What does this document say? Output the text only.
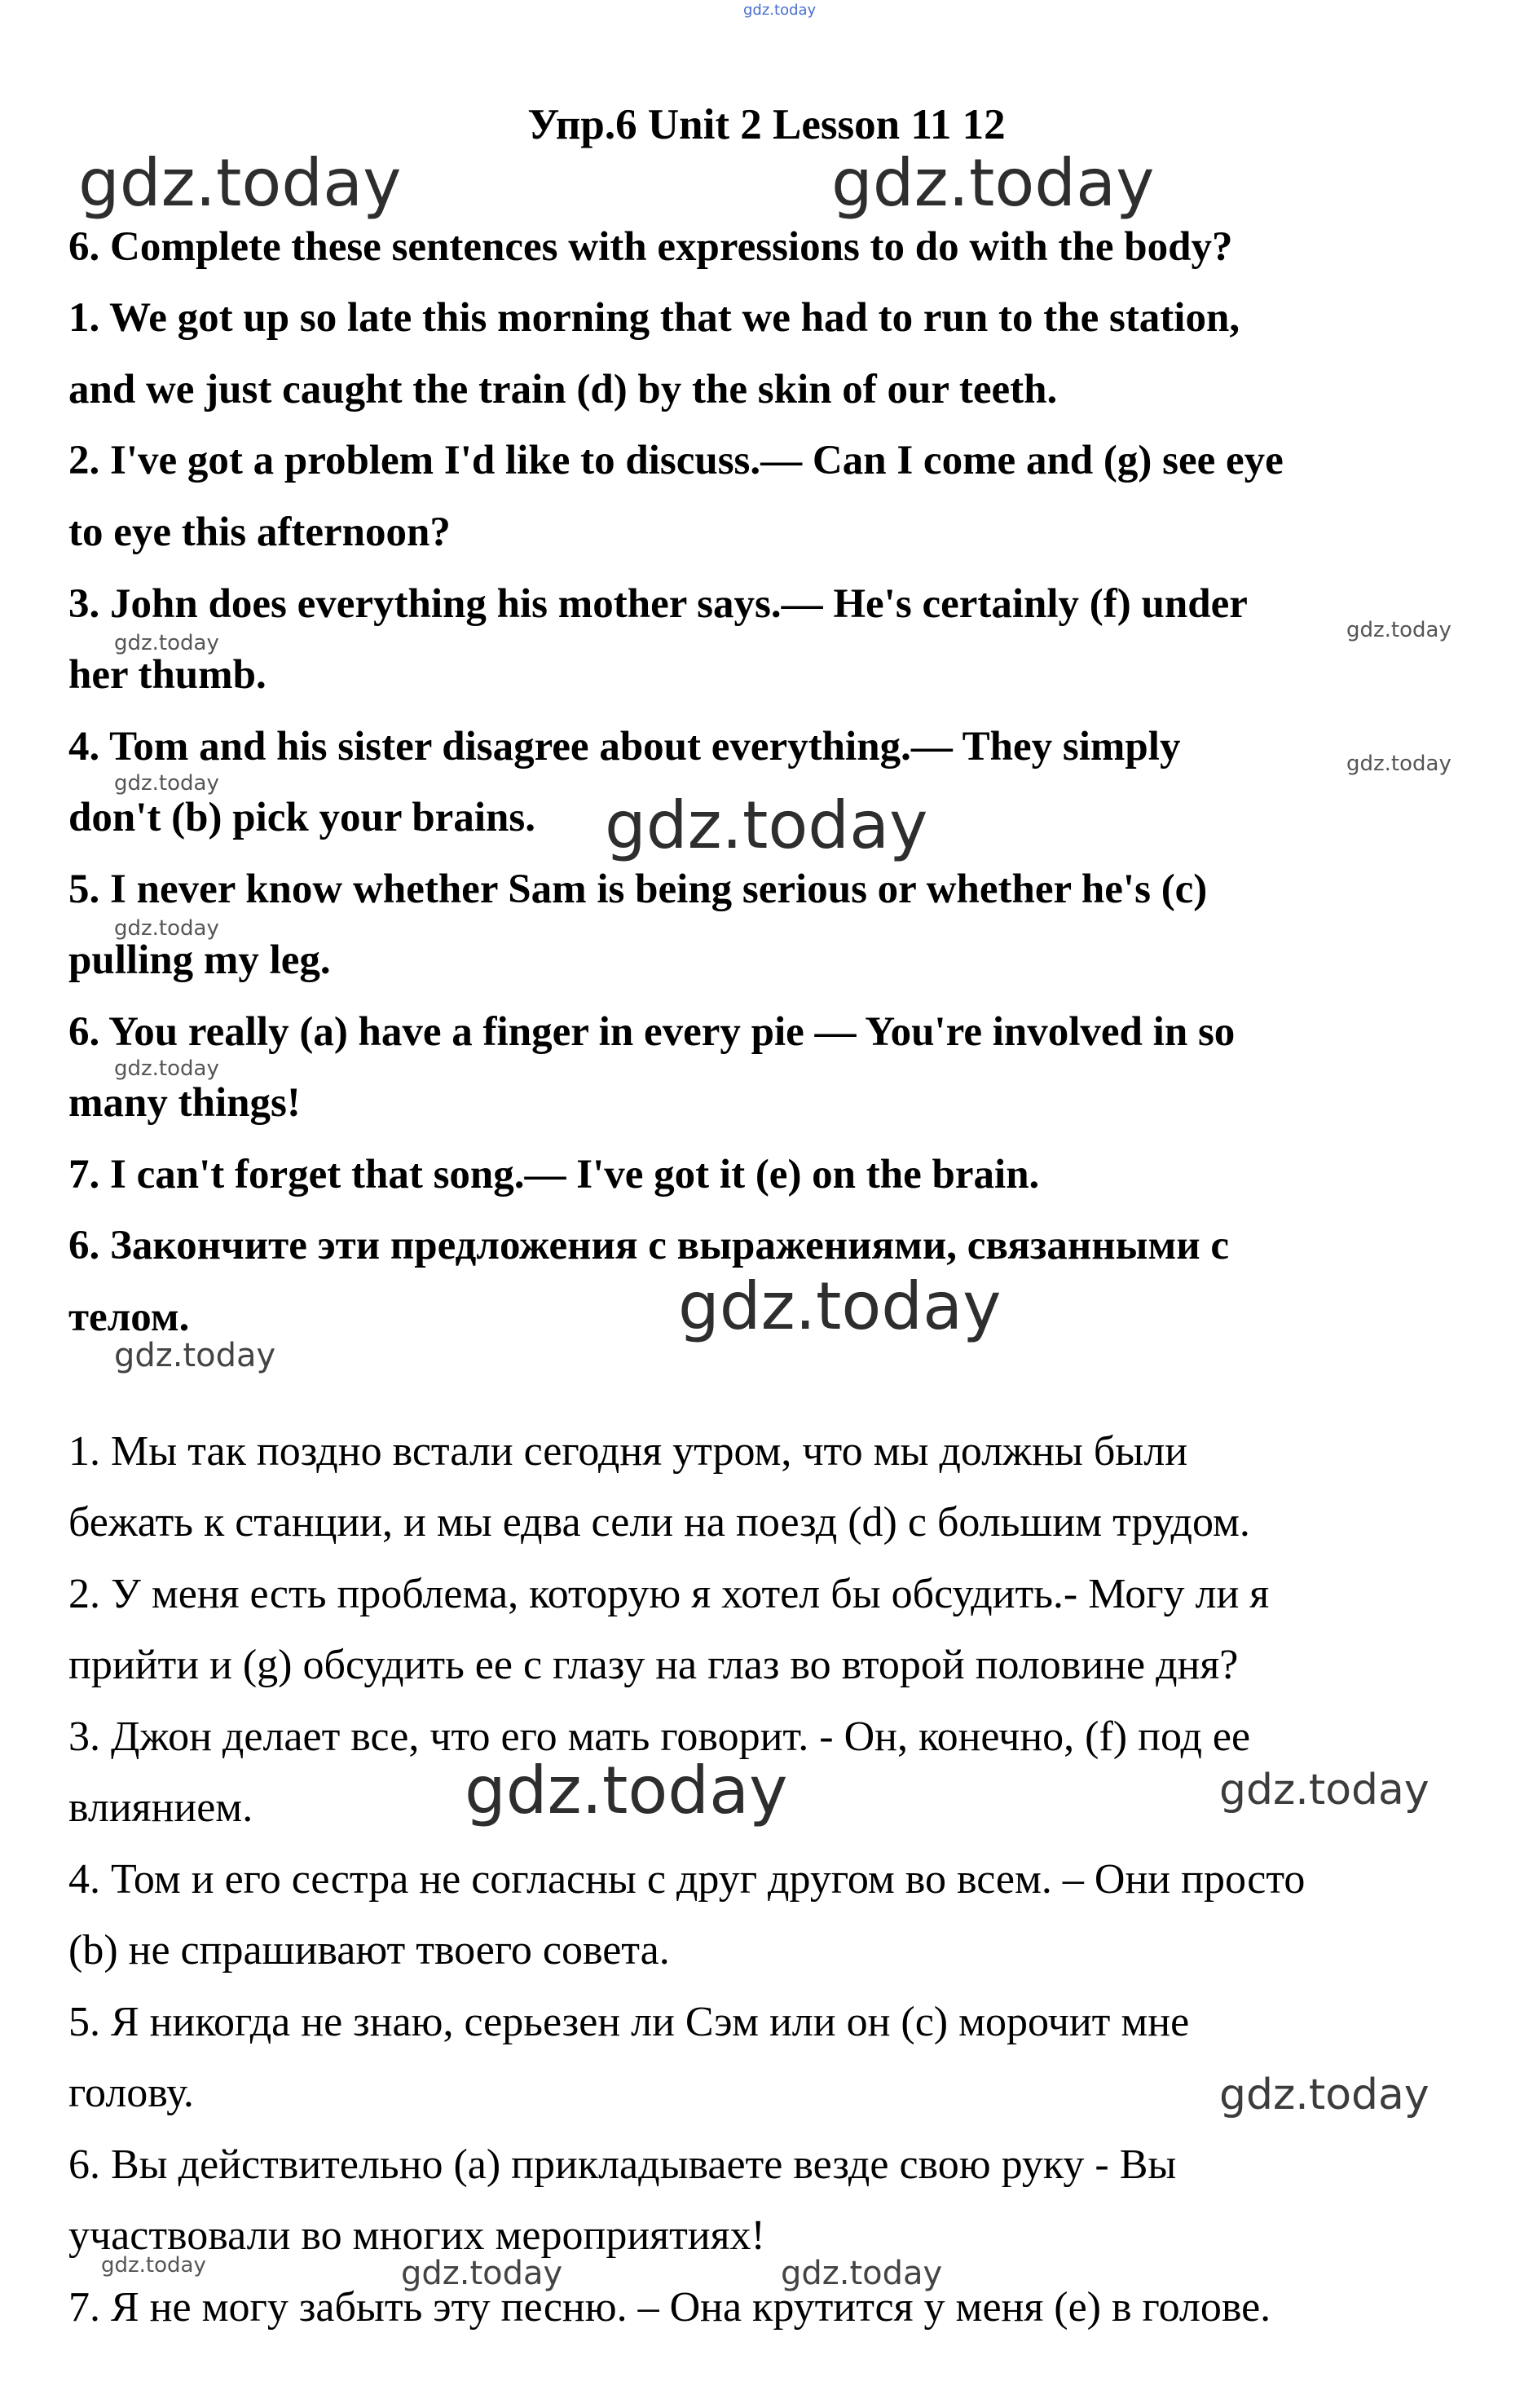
gdz.today
Упр.6 Unit 2 Lesson 11 12
gdz.today	gdz.today
6. Complete these sentences with expressions to do with the body?
1. We got up so late this morning that we had to run to the station,
and we just caught the train (d) by the skin of our teeth.
2. I've got a problem I'd like to discuss.— Can I come and (g) see eye
to eye this afternoon?
3. John does everything his mother says.— He's certainly (f) under
her thumb.
4. Tom and his sister disagree about everything.— They simply
don't (b) pick your brains.
5. I never know whether Sam is being serious or whether he's (c)
pulling my leg.
6. You really (a) have a finger in every pie — You're involved in so
many things!
7. I can't forget that song.— I've got it (e) on the brain.
gdz.today
gdz.today
gdz.today
gdz.today
gdz.today
gdz.today
gdz.today
6. Закончите эти предложения с выражениями, связанными с
телом.	gdz.today
gdz.today
1. Мы так поздно встали сегодня утром, что мы должны были
бежать к станции, и мы едва сели на поезд (d) с большим трудом.
2. У меня есть проблема, которую я хотел бы обсудить.- Могу ли я
прийти и (g) обсудить ее с глазу на глаз во второй половине дня?
3. Джон делает все, что его мать говорит. - Он, конечно, (f) под ее
влиянием.
4. Том и его сестра не согласны с друг другом во всем. – Они просто
(b) не спрашивают твоего совета.
5. Я никогда не знаю, серьезен ли Сэм или он (c) морочит мне
голову.
6. Вы действительно (a) прикладываете везде свою руку - Вы
участвовали во многих мероприятиях!
7. Я не могу забыть эту песню. – Она крутится у меня (e) в голове.
gdz.today	gdz.today
gdz.today
gdz.today	gdz.today	gdz.today
